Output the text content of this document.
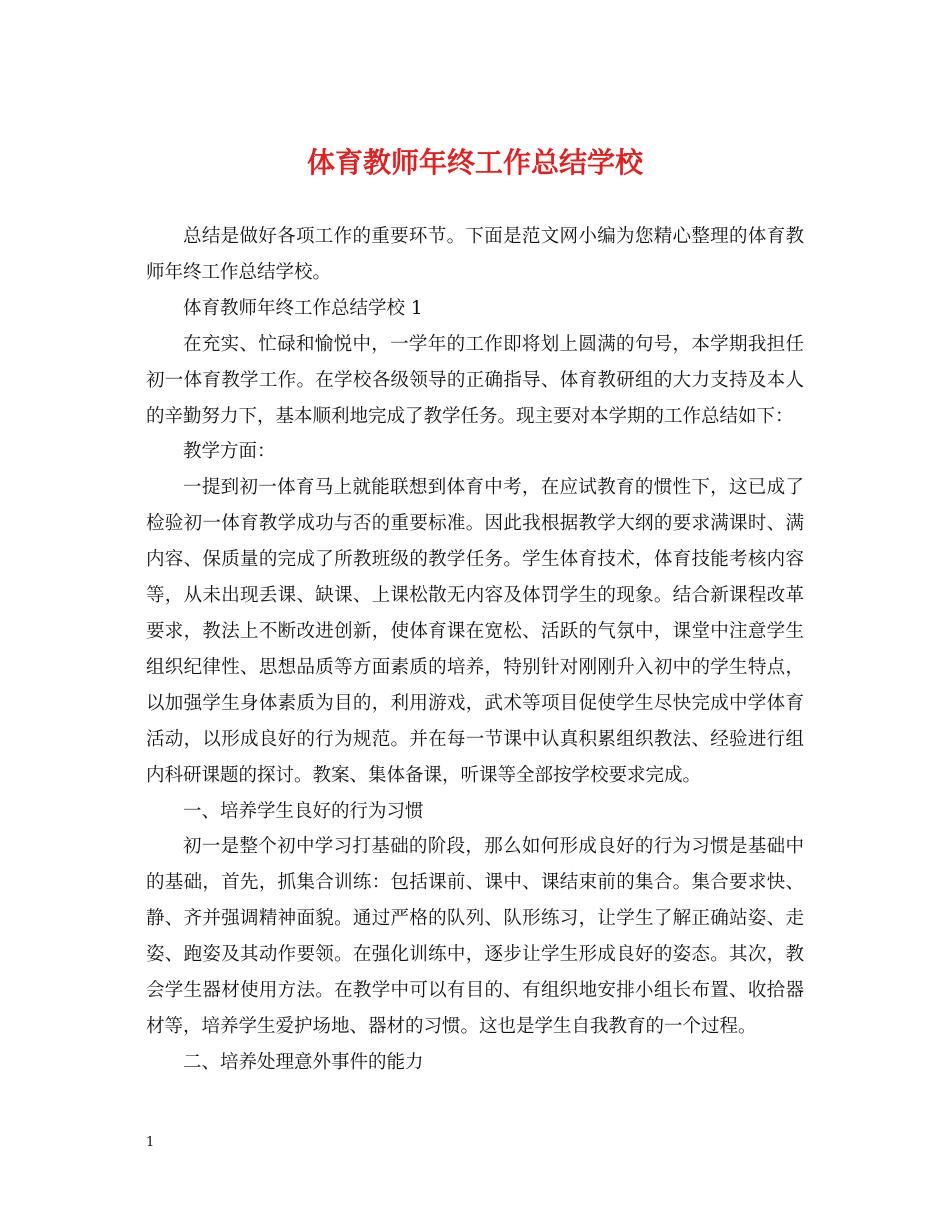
体育教师年终工作总结学校

总结是做好各项工作的重要环节。下面是范文网小编为您精心整理的体育教师年终工作总结学校。

体育教师年终工作总结学校 1

在充实、忙碌和愉悦中，一学年的工作即将划上圆满的句号，本学期我担任初一体育教学工作。在学校各级领导的正确指导、体育教研组的大力支持及本人的辛勤努力下，基本顺利地完成了教学任务。现主要对本学期的工作总结如下：

教学方面：

一提到初一体育马上就能联想到体育中考，在应试教育的惯性下，这已成了检验初一体育教学成功与否的重要标准。因此我根据教学大纲的要求满课时、满内容、保质量的完成了所教班级的教学任务。学生体育技术，体育技能考核内容等，从未出现丢课、缺课、上课松散无内容及体罚学生的现象。结合新课程改革要求，教法上不断改进创新，使体育课在宽松、活跃的气氛中，课堂中注意学生组织纪律性、思想品质等方面素质的培养，特别针对刚刚升入初中的学生特点，以加强学生身体素质为目的，利用游戏，武术等项目促使学生尽快完成中学体育活动，以形成良好的行为规范。并在每一节课中认真积累组织教法、经验进行组内科研课题的探讨。教案、集体备课，听课等全部按学校要求完成。

一、培养学生良好的行为习惯

初一是整个初中学习打基础的阶段，那么如何形成良好的行为习惯是基础中的基础，首先，抓集合训练：包括课前、课中、课结束前的集合。集合要求快、静、齐并强调精神面貌。通过严格的队列、队形练习，让学生了解正确站姿、走姿、跑姿及其动作要领。在强化训练中，逐步让学生形成良好的姿态。其次，教会学生器材使用方法。在教学中可以有目的、有组织地安排小组长布置、收拾器材等，培养学生爱护场地、器材的习惯。这也是学生自我教育的一个过程。

二、培养处理意外事件的能力

1
